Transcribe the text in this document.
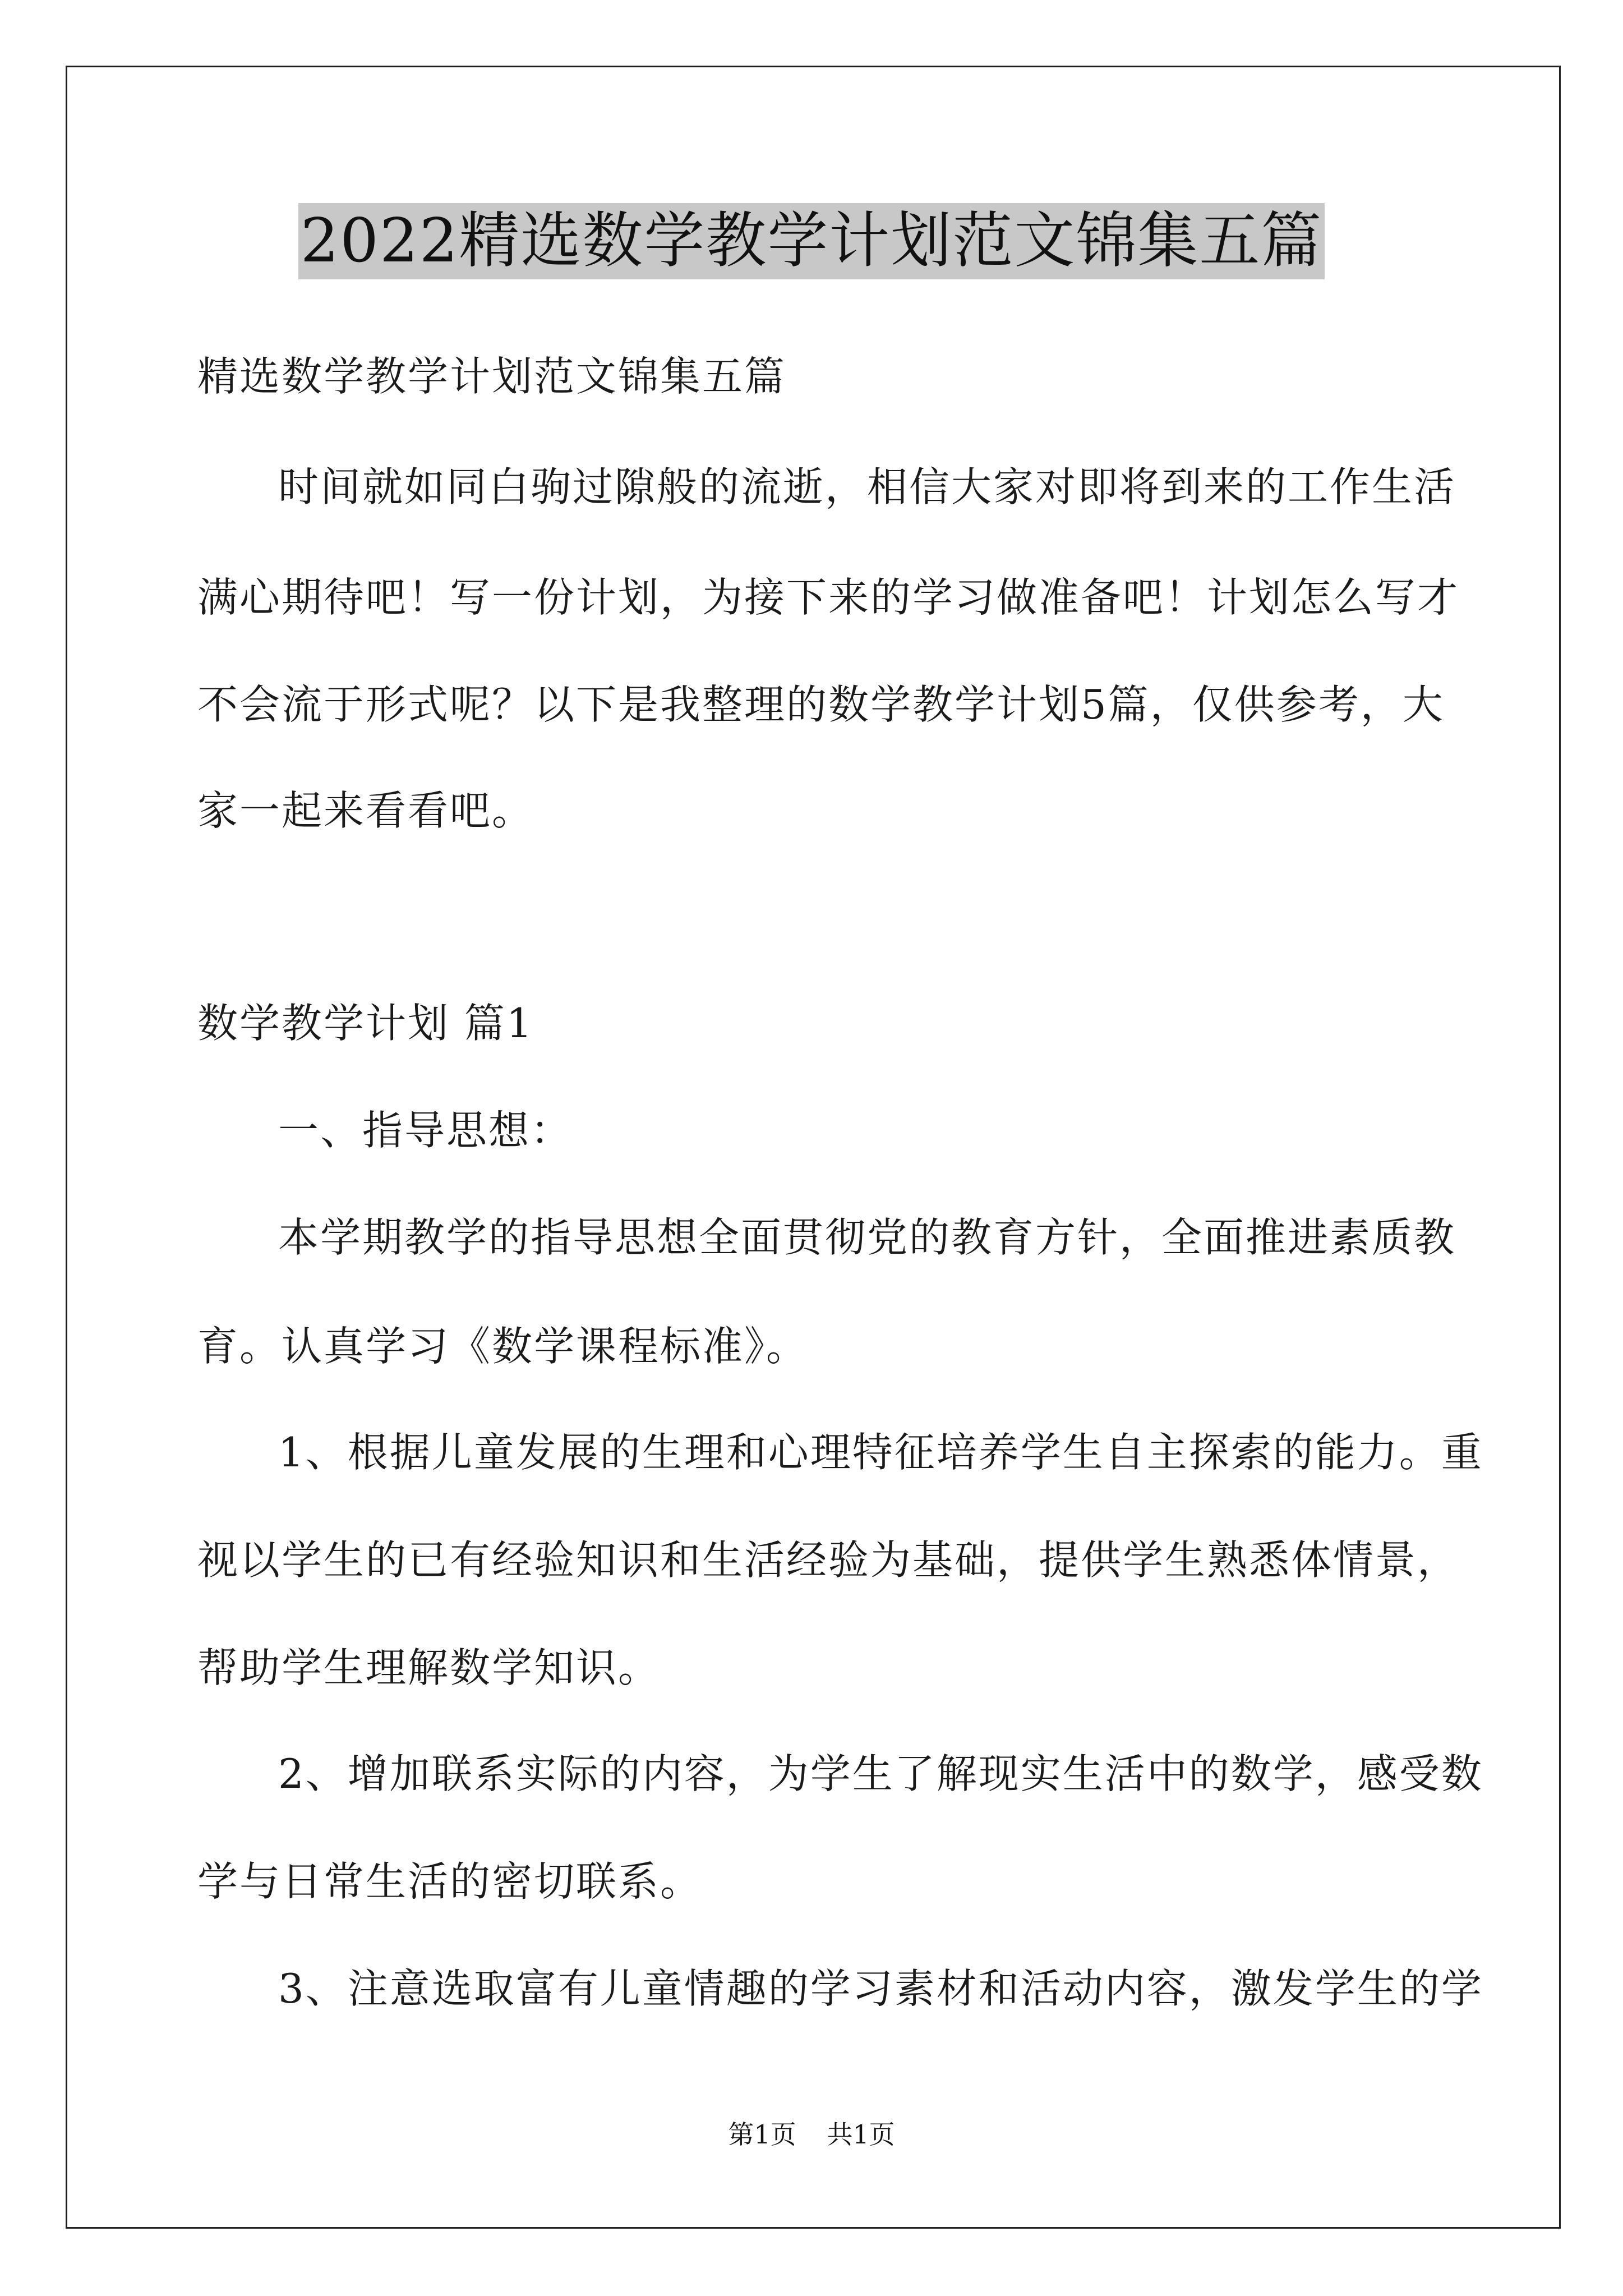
2022精选数学教学计划范文锦集五篇
精选数学教学计划范文锦集五篇
时间就如同白驹过隙般的流逝，相信大家对即将到来的工作生活
满心期待吧！写一份计划，为接下来的学习做准备吧！计划怎么写才
不会流于形式呢？以下是我整理的数学教学计划5篇，仅供参考，大
家一起来看看吧。
数学教学计划 篇1
一、指导思想：
本学期教学的指导思想全面贯彻党的教育方针，全面推进素质教
育。认真学习《数学课程标准》。
1、根据儿童发展的生理和心理特征培养学生自主探索的能力。重
视以学生的已有经验知识和生活经验为基础，提供学生熟悉体情景，
帮助学生理解数学知识。
2、增加联系实际的内容，为学生了解现实生活中的数学，感受数
学与日常生活的密切联系。
3、注意选取富有儿童情趣的学习素材和活动内容，激发学生的学
第1页 共1页
